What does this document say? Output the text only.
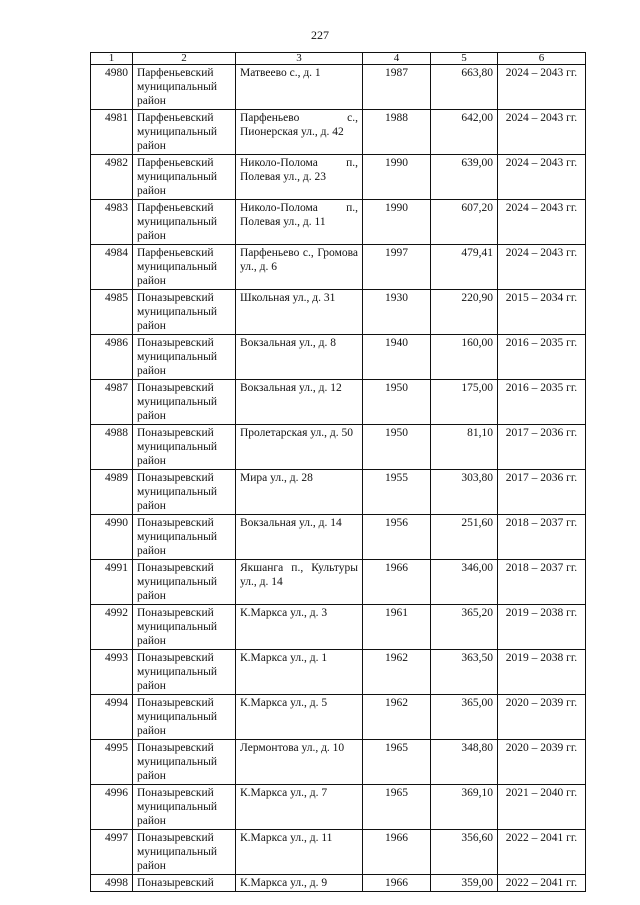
227
1	2	3	4	5	6
4980	Парфеньевский муниципальный район	Матвеево с., д. 1	1987	663,80	2024 – 2043 гг.
4981	Парфеньевский муниципальный район	Парфеньево с., Пионерская ул., д. 42	1988	642,00	2024 – 2043 гг.
4982	Парфеньевский муниципальный район	Николо-Полома п., Полевая ул., д. 23	1990	639,00	2024 – 2043 гг.
4983	Парфеньевский муниципальный район	Николо-Полома п., Полевая ул., д. 11	1990	607,20	2024 – 2043 гг.
4984	Парфеньевский муниципальный район	Парфеньево с., Громова ул., д. 6	1997	479,41	2024 – 2043 гг.
4985	Поназыревский муниципальный район	Школьная ул., д. 31	1930	220,90	2015 – 2034 гг.
4986	Поназыревский муниципальный район	Вокзальная ул., д. 8	1940	160,00	2016 – 2035 гг.
4987	Поназыревский муниципальный район	Вокзальная ул., д. 12	1950	175,00	2016 – 2035 гг.
4988	Поназыревский муниципальный район	Пролетарская ул., д. 50	1950	81,10	2017 – 2036 гг.
4989	Поназыревский муниципальный район	Мира ул., д. 28	1955	303,80	2017 – 2036 гг.
4990	Поназыревский муниципальный район	Вокзальная ул., д. 14	1956	251,60	2018 – 2037 гг.
4991	Поназыревский муниципальный район	Якшанга п., Культуры ул., д. 14	1966	346,00	2018 – 2037 гг.
4992	Поназыревский муниципальный район	К.Маркса ул., д. 3	1961	365,20	2019 – 2038 гг.
4993	Поназыревский муниципальный район	К.Маркса ул., д. 1	1962	363,50	2019 – 2038 гг.
4994	Поназыревский муниципальный район	К.Маркса ул., д. 5	1962	365,00	2020 – 2039 гг.
4995	Поназыревский муниципальный район	Лермонтова ул., д. 10	1965	348,80	2020 – 2039 гг.
4996	Поназыревский муниципальный район	К.Маркса ул., д. 7	1965	369,10	2021 – 2040 гг.
4997	Поназыревский муниципальный район	К.Маркса ул., д. 11	1966	356,60	2022 – 2041 гг.
4998	Поназыревский	К.Маркса ул., д. 9	1966	359,00	2022 – 2041 гг.
